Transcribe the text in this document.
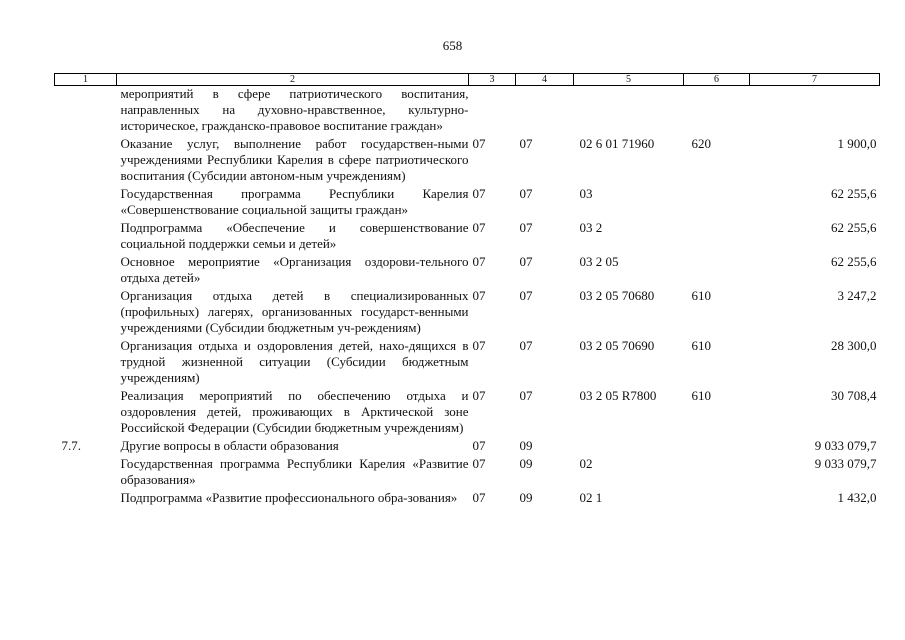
658
1	2	3	4	5	6	7
	мероприятий в сфере патриотического воспитания, направленных на духовно-нравственное, культурно-историческое, гражданско-правовое воспитание граждан»					
	Оказание услуг, выполнение работ государствен-ными учреждениями Республики Карелия в сфере патриотического воспитания (Субсидии автоном-ным учреждениям)	07	07	02 6 01 71960	620	1 900,0
	Государственная программа Республики Карелия «Совершенствование социальной защиты граждан»	07	07	03		62 255,6
	Подпрограмма «Обеспечение и совершенствование социальной поддержки семьи и детей»	07	07	03 2		62 255,6
	Основное мероприятие «Организация оздорови-тельного отдыха детей»	07	07	03 2 05		62 255,6
	Организация отдыха детей в специализированных (профильных) лагерях, организованных государст-венными учреждениями (Субсидии бюджетным уч-реждениям)	07	07	03 2 05 70680	610	3 247,2
	Организация отдыха и оздоровления детей, нахо-дящихся в трудной жизненной ситуации (Субсидии бюджетным учреждениям)	07	07	03 2 05 70690	610	28 300,0
	Реализация мероприятий по обеспечению отдыха и оздоровления детей, проживающих в Арктической зоне Российской Федерации (Субсидии бюджетным учреждениям)	07	07	03 2 05 R7800	610	30 708,4
7.7.	Другие вопросы в области образования	07	09			9 033 079,7
	Государственная программа Республики Карелия «Развитие образования»	07	09	02		9 033 079,7
	Подпрограмма «Развитие профессионального обра-зования»	07	09	02 1		1 432,0
